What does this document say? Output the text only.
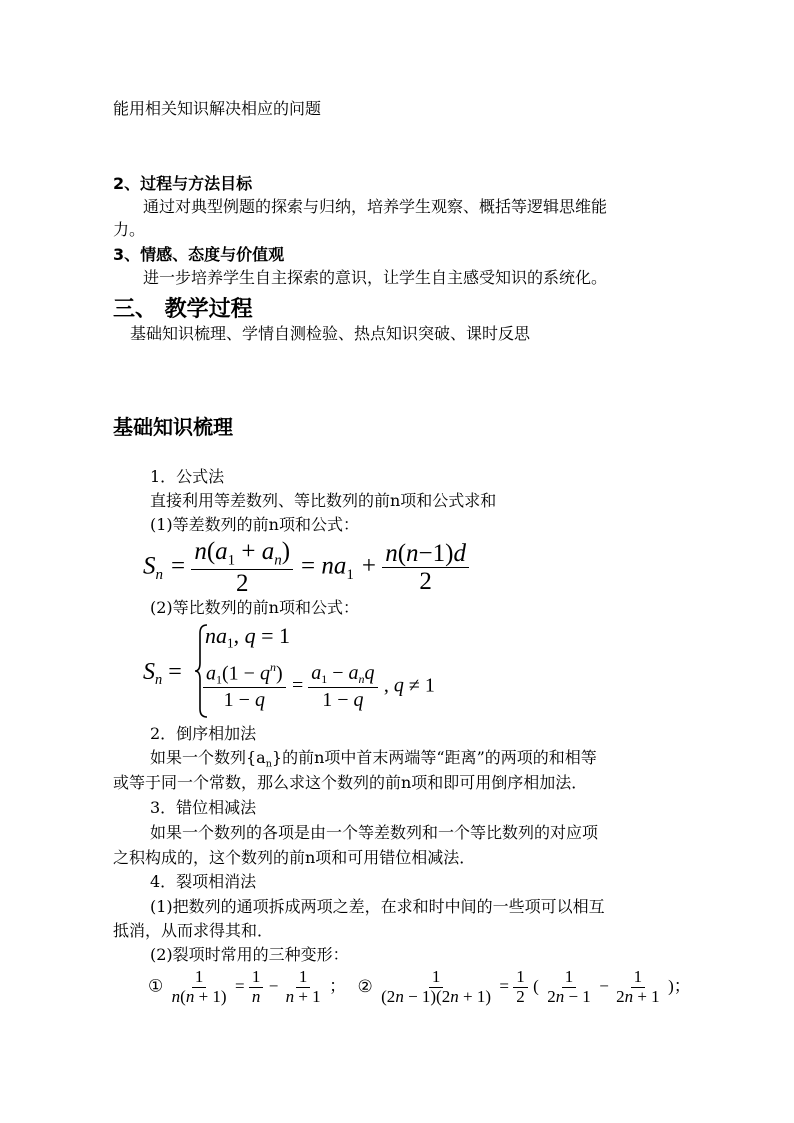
能用相关知识解决相应的问题
2、过程与方法目标
通过对典型例题的探索与归纳，培养学生观察、概括等逻辑思维能
力。
3、情感、态度与价值观
进一步培养学生自主探索的意识，让学生自主感受知识的系统化。
三、 教学过程
基础知识梳理、学情自测检验、热点知识突破、课时反思
基础知识梳理
1．公式法
直接利用等差数列、等比数列的前n项和公式求和
(1)等差数列的前n项和公式：
$S_n = \frac{n(a_1 + a_n)}{2} = na_1 + \frac{n(n-1)d}{2}$
(2)等比数列的前n项和公式：
$S_n$ =
$na_1$, q = 1
$\frac{a_1(1 - q^n)}{1 - q} = \frac{a_1 - a_nq}{1 - q}$ , q ≠ 1
2．倒序相加法
如果一个数列$\{a_n\}$的前n项中首末两端等“距离”的两项的和相等
或等于同一个常数，那么求这个数列的前n项和即可用倒序相加法．
3．错位相减法
如果一个数列的各项是由一个等差数列和一个等比数列的对应项
之积构成的，这个数列的前n项和可用错位相减法．
4．裂项相消法
(1)把数列的通项拆成两项之差，在求和时中间的一些项可以相互
抵消，从而求得其和．
(2)裂项时常用的三种变形：
① $\frac{1}{n(n + 1)} = \frac{1}{n} - \frac{1}{n + 1}$ ； ② $\frac{1}{(2n - 1)(2n + 1)} = \frac{1}{2}$ ( $\frac{1}{2n - 1} - \frac{1}{2n + 1}$ )；
